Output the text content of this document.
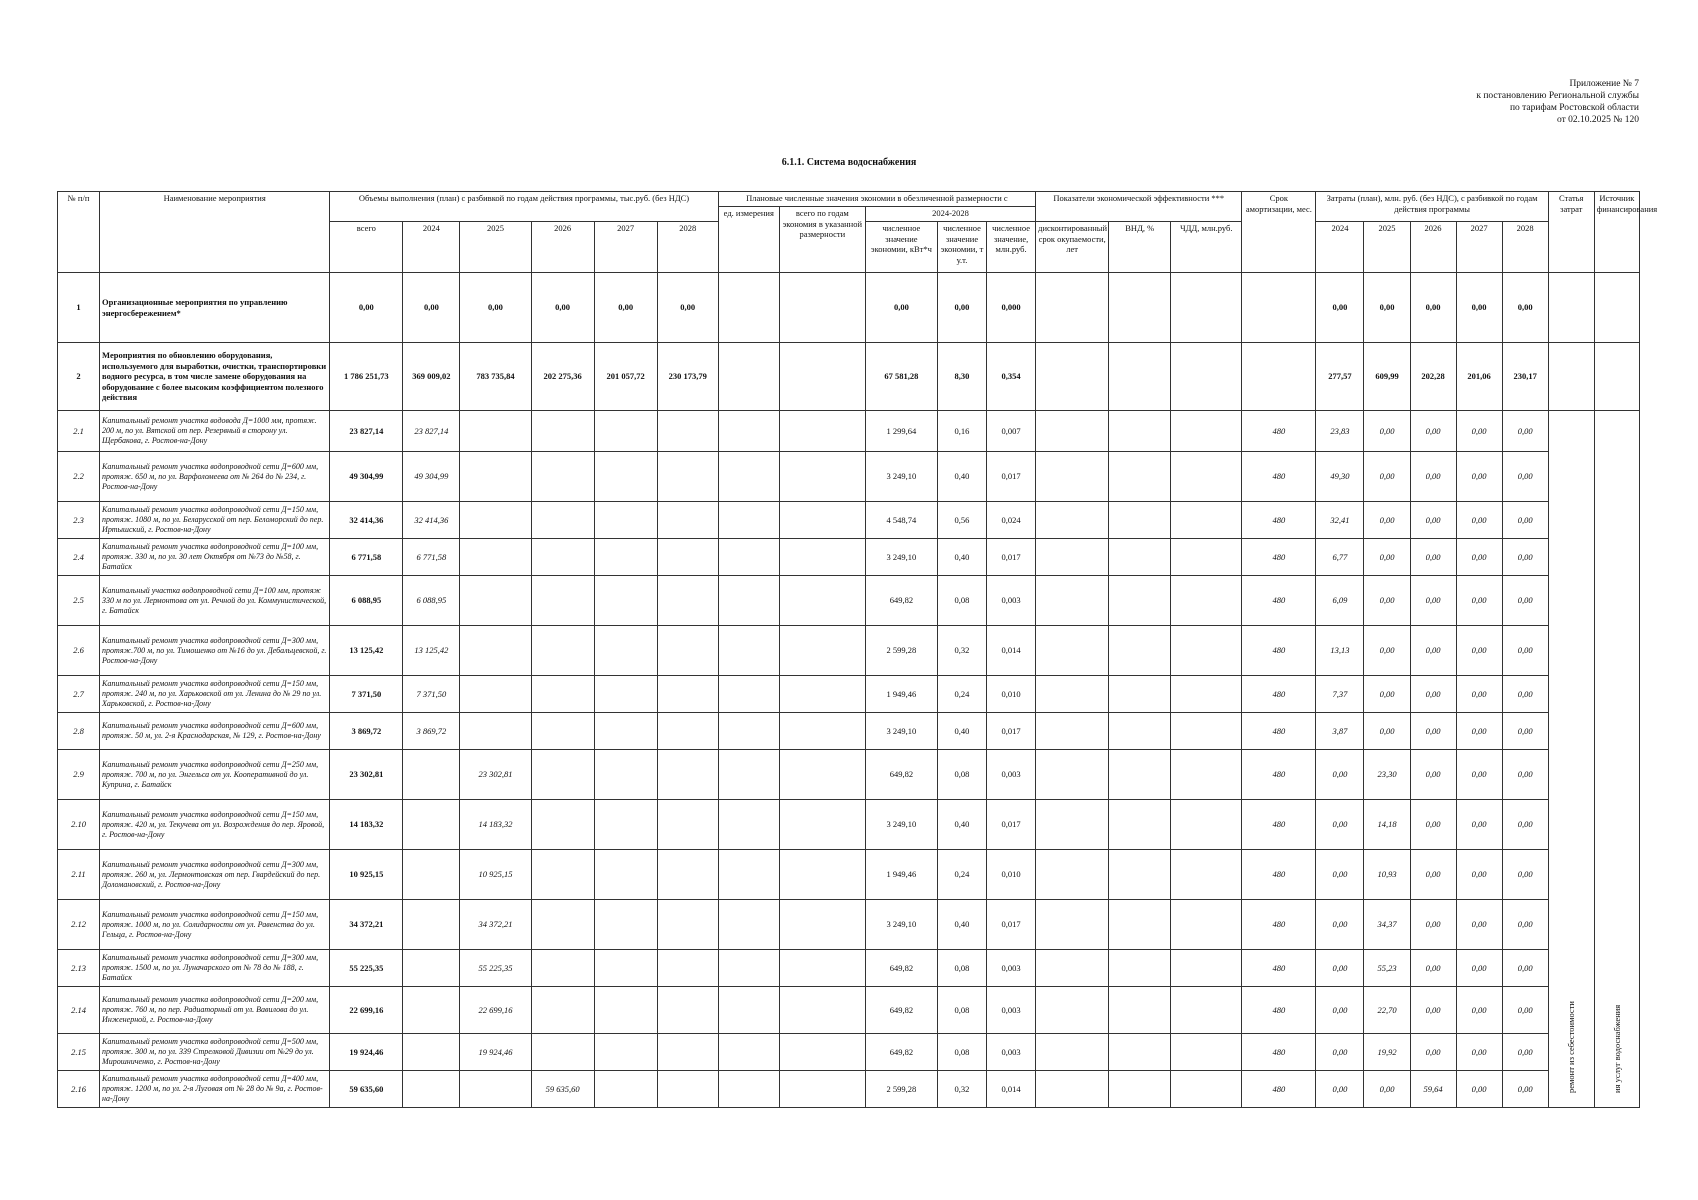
Приложение № 7
к постановлению Региональной службы
по тарифам Ростовской области
от 02.10.2025 № 120
6.1.1. Система водоснабжения
№ п/п	Наименование мероприятия	Объемы выполнения (план) с разбивкой по годам действия программы, тыс.руб. (без НДС)						Плановые численные значения экономии в обезличенной размерности с					Показатели экономической эффективности ***			Срок амортизации, мес.	Затраты (план), млн. руб. (без НДС), с разбивкой по годам действия программы					Статья затрат	Источник финансирования
								ед. измерения	всего по годам экономия в указанной размерности	2024-2028													
		всего	2024	2025	2026	2027	2028			численное значение экономии, кВт*ч	численное значение экономии, т у.т.	численное значение, млн.руб.	дисконтированный срок окупаемости, лет	ВНД, %	ЧДД, млн.руб.		2024	2025	2026	2027	2028		
1	Организационные мероприятия по управлению энергосбережением*	0,00	0,00	0,00	0,00	0,00	0,00			0,00	0,00	0,000					0,00	0,00	0,00	0,00	0,00		
2	Мероприятия по обновлению оборудования, используемого для выработки, очистки, транспортировки водного ресурса, в том числе замене оборудования на оборудование с более высоким коэффициентом полезного действия	1 786 251,73	369 009,02	783 735,84	202 275,36	201 057,72	230 173,79			67 581,28	8,30	0,354					277,57	609,99	202,28	201,06	230,17		
2.1	Капитальный ремонт участка водовода Д=1000 мм, протяж. 200 м, по ул. Вятской от пер. Резервный в сторону ул. Щербакова, г. Ростов-на-Дону	23 827,14	23 827,14							1 299,64	0,16	0,007				480	23,83	0,00	0,00	0,00	0,00	ремонт из себестоимости	ия услуг водоснабжения

2.2	Капитальный ремонт участка водопроводной сети Д=600 мм, протяж. 650 м, по ул. Варфоломеева от № 264 до № 234, г. Ростов-на-Дону	49 304,99	49 304,99							3 249,10	0,40	0,017				480	49,30	0,00	0,00	0,00	0,00		
2.3	Капитальный ремонт участка водопроводной сети Д=150 мм, протяж. 1080 м, по ул. Беларусской от пер. Беломорский до пер. Иртышский, г. Ростов-на-Дону	32 414,36	32 414,36							4 548,74	0,56	0,024				480	32,41	0,00	0,00	0,00	0,00		
2.4	Капитальный ремонт участка водопроводной сети Д=100 мм, протяж. 330 м, по ул. 30 лет Октября от №73 до №58, г. Батайск	6 771,58	6 771,58							3 249,10	0,40	0,017				480	6,77	0,00	0,00	0,00	0,00		
2.5	Капитальный участка водопроводной сети Д=100 мм, протяж 330 м по ул. Лермонтова от ул. Речной до ул. Коммунистической, г. Батайск	6 088,95	6 088,95							649,82	0,08	0,003				480	6,09	0,00	0,00	0,00	0,00		
2.6	Капитальный ремонт участка водопроводной сети Д=300 мм, протяж.700 м, по ул. Тимошенко от №16 до ул. Дебальцевской, г. Ростов-на-Дону	13 125,42	13 125,42							2 599,28	0,32	0,014				480	13,13	0,00	0,00	0,00	0,00		
2.7	Капитальный ремонт участка водопроводной сети Д=150 мм, протяж. 240 м, по ул. Харьковской от ул. Ленина до № 29 по ул. Харьковской, г. Ростов-на-Дону	7 371,50	7 371,50							1 949,46	0,24	0,010				480	7,37	0,00	0,00	0,00	0,00		
2.8	Капитальный ремонт участка водопроводной сети Д=600 мм, протяж. 50 м, ул. 2-я Краснодарская, № 129, г. Ростов-на-Дону	3 869,72	3 869,72							3 249,10	0,40	0,017				480	3,87	0,00	0,00	0,00	0,00		
2.9	Капитальный ремонт участка водопроводной сети Д=250 мм, протяж. 700 м, по ул. Энгельса от ул. Кооперативной до ул. Куприна, г. Батайск	23 302,81		23 302,81						649,82	0,08	0,003				480	0,00	23,30	0,00	0,00	0,00		
2.10	Капитальный ремонт участка водопроводной сети Д=150 мм, протяж. 420 м, ул. Текучева от ул. Возрождения до пер. Яровой, г. Ростов-на-Дону	14 183,32		14 183,32						3 249,10	0,40	0,017				480	0,00	14,18	0,00	0,00	0,00		
2.11	Капитальный ремонт участка водопроводной сети Д=300 мм, протяж. 260 м, ул. Лермонтовская от пер. Гвардейский до пер. Доломановский, г. Ростов-на-Дону	10 925,15		10 925,15						1 949,46	0,24	0,010				480	0,00	10,93	0,00	0,00	0,00		
2.12	Капитальный ремонт участка водопроводной сети Д=150 мм, протяж. 1000 м, по ул. Солидарности от ул. Равенства до ул. Гельца, г. Ростов-на-Дону	34 372,21		34 372,21						3 249,10	0,40	0,017				480	0,00	34,37	0,00	0,00	0,00		
2.13	Капитальный ремонт участка водопроводной сети Д=300 мм, протяж. 1500 м, по ул. Луначарского от № 78 до № 188, г. Батайск	55 225,35		55 225,35						649,82	0,08	0,003				480	0,00	55,23	0,00	0,00	0,00		
2.14	Капитальный ремонт участка водопроводной сети Д=200 мм, протяж. 760 м, по пер. Радиаторный от ул. Вавилова до ул. Инженерной, г. Ростов-на-Дону	22 699,16		22 699,16						649,82	0,08	0,003				480	0,00	22,70	0,00	0,00	0,00		
2.15	Капитальный ремонт участка водопроводной сети Д=500 мм, протяж. 300 м, по ул. 339 Стрелковой Дивизии от №29 до ул. Мирошниченко, г. Ростов-на-Дону	19 924,46		19 924,46						649,82	0,08	0,003				480	0,00	19,92	0,00	0,00	0,00		
2.16	Капитальный ремонт участка водопроводной сети Д=400 мм, протяж. 1200 м, по ул. 2-я Луговая от № 28 до № 9а, г. Ростов-на-Дону	59 635,60			59 635,60					2 599,28	0,32	0,014				480	0,00	0,00	59,64	0,00	0,00		
